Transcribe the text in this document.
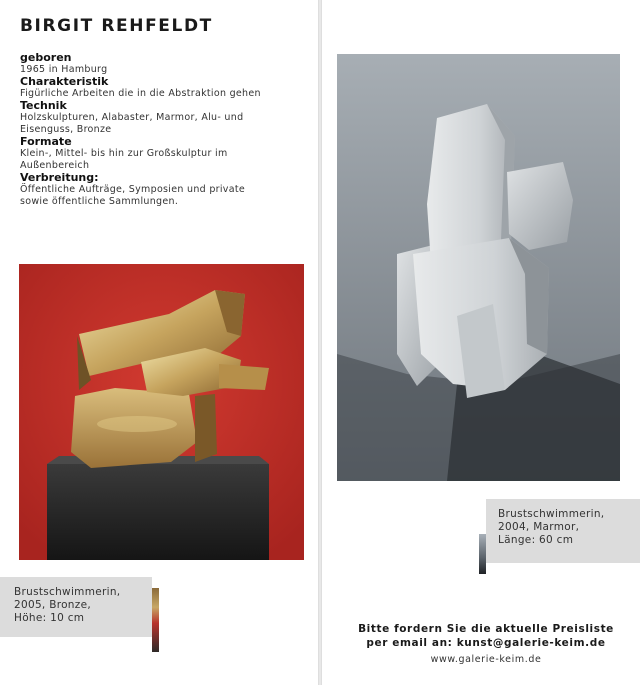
BIRGIT REHFELDT

geboren

1965 in Hamburg

Charakteristik

Figürliche Arbeiten die in die Abstraktion gehen

Technik

Holzskulpturen, Alabaster, Marmor, Alu- und

Eisenguss, Bronze

Formate

Klein-, Mittel- bis hin zur Großskulptur im

Außenbereich

Verbreitung:

Öffentliche Aufträge, Symposien und private

sowie öffentliche Sammlungen.

Brustschwimmerin,
2005, Bronze,
Höhe: 10 cm
Brustschwimmerin,
2004, Marmor,
Länge: 60 cm
Bitte fordern Sie die aktuelle Preisliste
per email an: kunst@galerie-keim.de
www.galerie-keim.de
